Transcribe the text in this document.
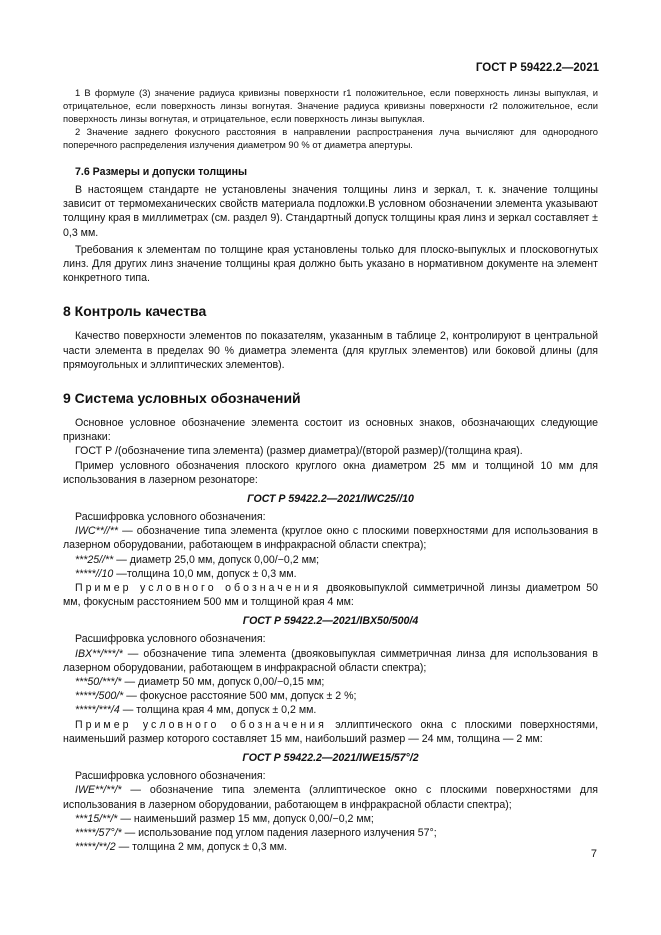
ГОСТ Р 59422.2—2021

1 В формуле (3) значение радиуса кривизны поверхности r1 положительное, если поверхность линзы выпуклая, и отрицательное, если поверхность линзы вогнутая. Значение радиуса кривизны поверхности r2 положительное, если поверхность линзы вогнутая, и отрицательное, если поверхность линзы выпуклая.

2 Значение заднего фокусного расстояния в направлении распространения луча вычисляют для однородного поперечного распределения излучения диаметром 90 % от диаметра апертуры.

7.6 Размеры и допуски толщины

В настоящем стандарте не установлены значения толщины линз и зеркал, т. к. значение толщины зависит от термомеханических свойств материала подложки.В условном обозначении элемента указывают толщину края в миллиметрах (см. раздел 9). Стандартный допуск толщины края линз и зеркал составляет ± 0,3 мм.

Требования к элементам по толщине края установлены только для плоско-выпуклых и плосковогнутых линз. Для других линз значение толщины края должно быть указано в нормативном документе на элемент конкретного типа.

8 Контроль качества

Качество поверхности элементов по показателям, указанным в таблице 2, контролируют в центральной части элемента в пределах 90 % диаметра элемента (для круглых элементов) или боковой длины (для прямоугольных и эллиптических элементов).

9 Система условных обозначений

Основное условное обозначение элемента состоит из основных знаков, обозначающих следующие признаки:

ГОСТ Р /(обозначение типа элемента) (размер диаметра)/(второй размер)/(толщина края).

Пример условного обозначения плоского круглого окна диаметром 25 мм и толщиной 10 мм для использования в лазерном резонаторе:

ГОСТ Р 59422.2—2021/IWC25//10

Расшифровка условного обозначения:

IWC**//** — обозначение типа элемента (круглое окно с плоскими поверхностями для использования в лазерном оборудовании, работающем в инфракрасной области спектра);

***25//** — диаметр 25,0 мм, допуск 0,00/−0,2 мм;

*****//10 —толщина 10,0 мм, допуск ± 0,3 мм.

Пример условного обозначения двояковыпуклой симметричной линзы диаметром 50 мм, фокусным расстоянием 500 мм и толщиной края 4 мм:

ГОСТ Р 59422.2—2021/IBX50/500/4

Расшифровка условного обозначения:

IBX**/***/* — обозначение типа элемента (двояковыпуклая симметричная линза для использования в лазерном оборудовании, работающем в инфракрасной области спектра);

***50/***/* — диаметр 50 мм, допуск 0,00/−0,15 мм;

*****/500/* — фокусное расстояние 500 мм, допуск ± 2 %;

*****/***/4 — толщина края 4 мм, допуск ± 0,2 мм.

Пример условного обозначения эллиптического окна с плоскими поверхностями, наименьший размер которого составляет 15 мм, наибольший размер — 24 мм, толщина — 2 мм:

ГОСТ Р 59422.2—2021/IWE15/57°/2

Расшифровка условного обозначения:

IWE**/**/* — обозначение типа элемента (эллиптическое окно с плоскими поверхностями для использования в лазерном оборудовании, работающем в инфракрасной области спектра);

***15/**/* — наименьший размер 15 мм, допуск 0,00/−0,2 мм;

*****/57°/* — использование под углом падения лазерного излучения 57°;

*****/**/2 — толщина 2 мм, допуск ± 0,3 мм.

7
